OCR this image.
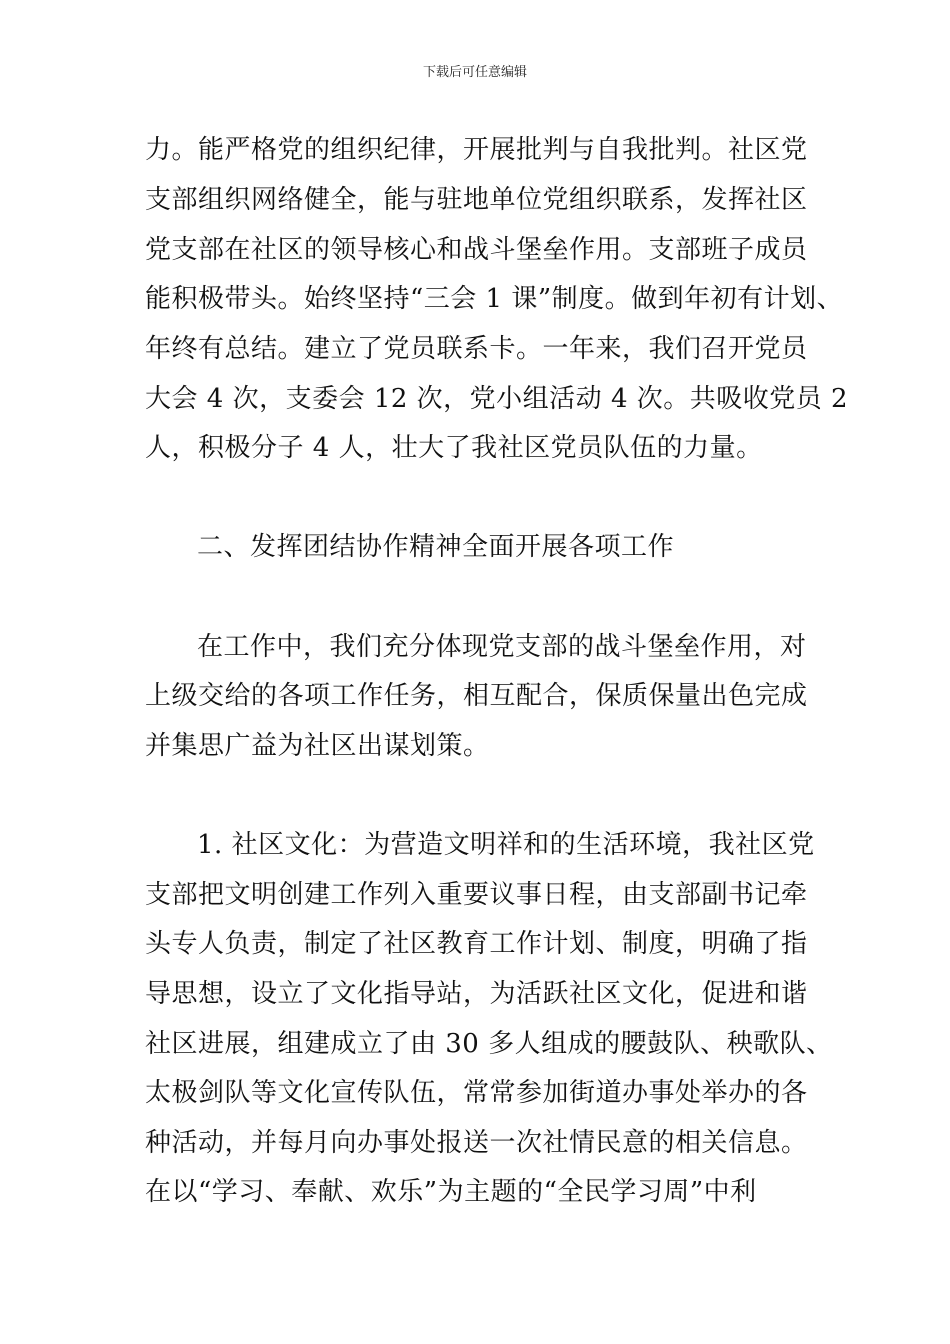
下载后可任意编辑
力。能严格党的组织纪律，开展批判与自我批判。社区党
支部组织网络健全，能与驻地单位党组织联系，发挥社区
党支部在社区的领导核心和战斗堡垒作用。支部班子成员
能积极带头。始终坚持“三会 1 课”制度。做到年初有计划、
年终有总结。建立了党员联系卡。一年来，我们召开党员
大会 4 次，支委会 12 次，党小组活动 4 次。共吸收党员 2
人，积极分子 4 人，壮大了我社区党员队伍的力量。
二、发挥团结协作精神全面开展各项工作
在工作中，我们充分体现党支部的战斗堡垒作用，对
上级交给的各项工作任务，相互配合，保质保量出色完成
并集思广益为社区出谋划策。
1. 社区文化：为营造文明祥和的生活环境，我社区党
支部把文明创建工作列入重要议事日程，由支部副书记牵
头专人负责，制定了社区教育工作计划、制度，明确了指
导思想，设立了文化指导站，为活跃社区文化，促进和谐
社区进展，组建成立了由 30 多人组成的腰鼓队、秧歌队、
太极剑队等文化宣传队伍，常常参加街道办事处举办的各
种活动，并每月向办事处报送一次社情民意的相关信息。
在以“学习、奉献、欢乐”为主题的“全民学习周”中利
